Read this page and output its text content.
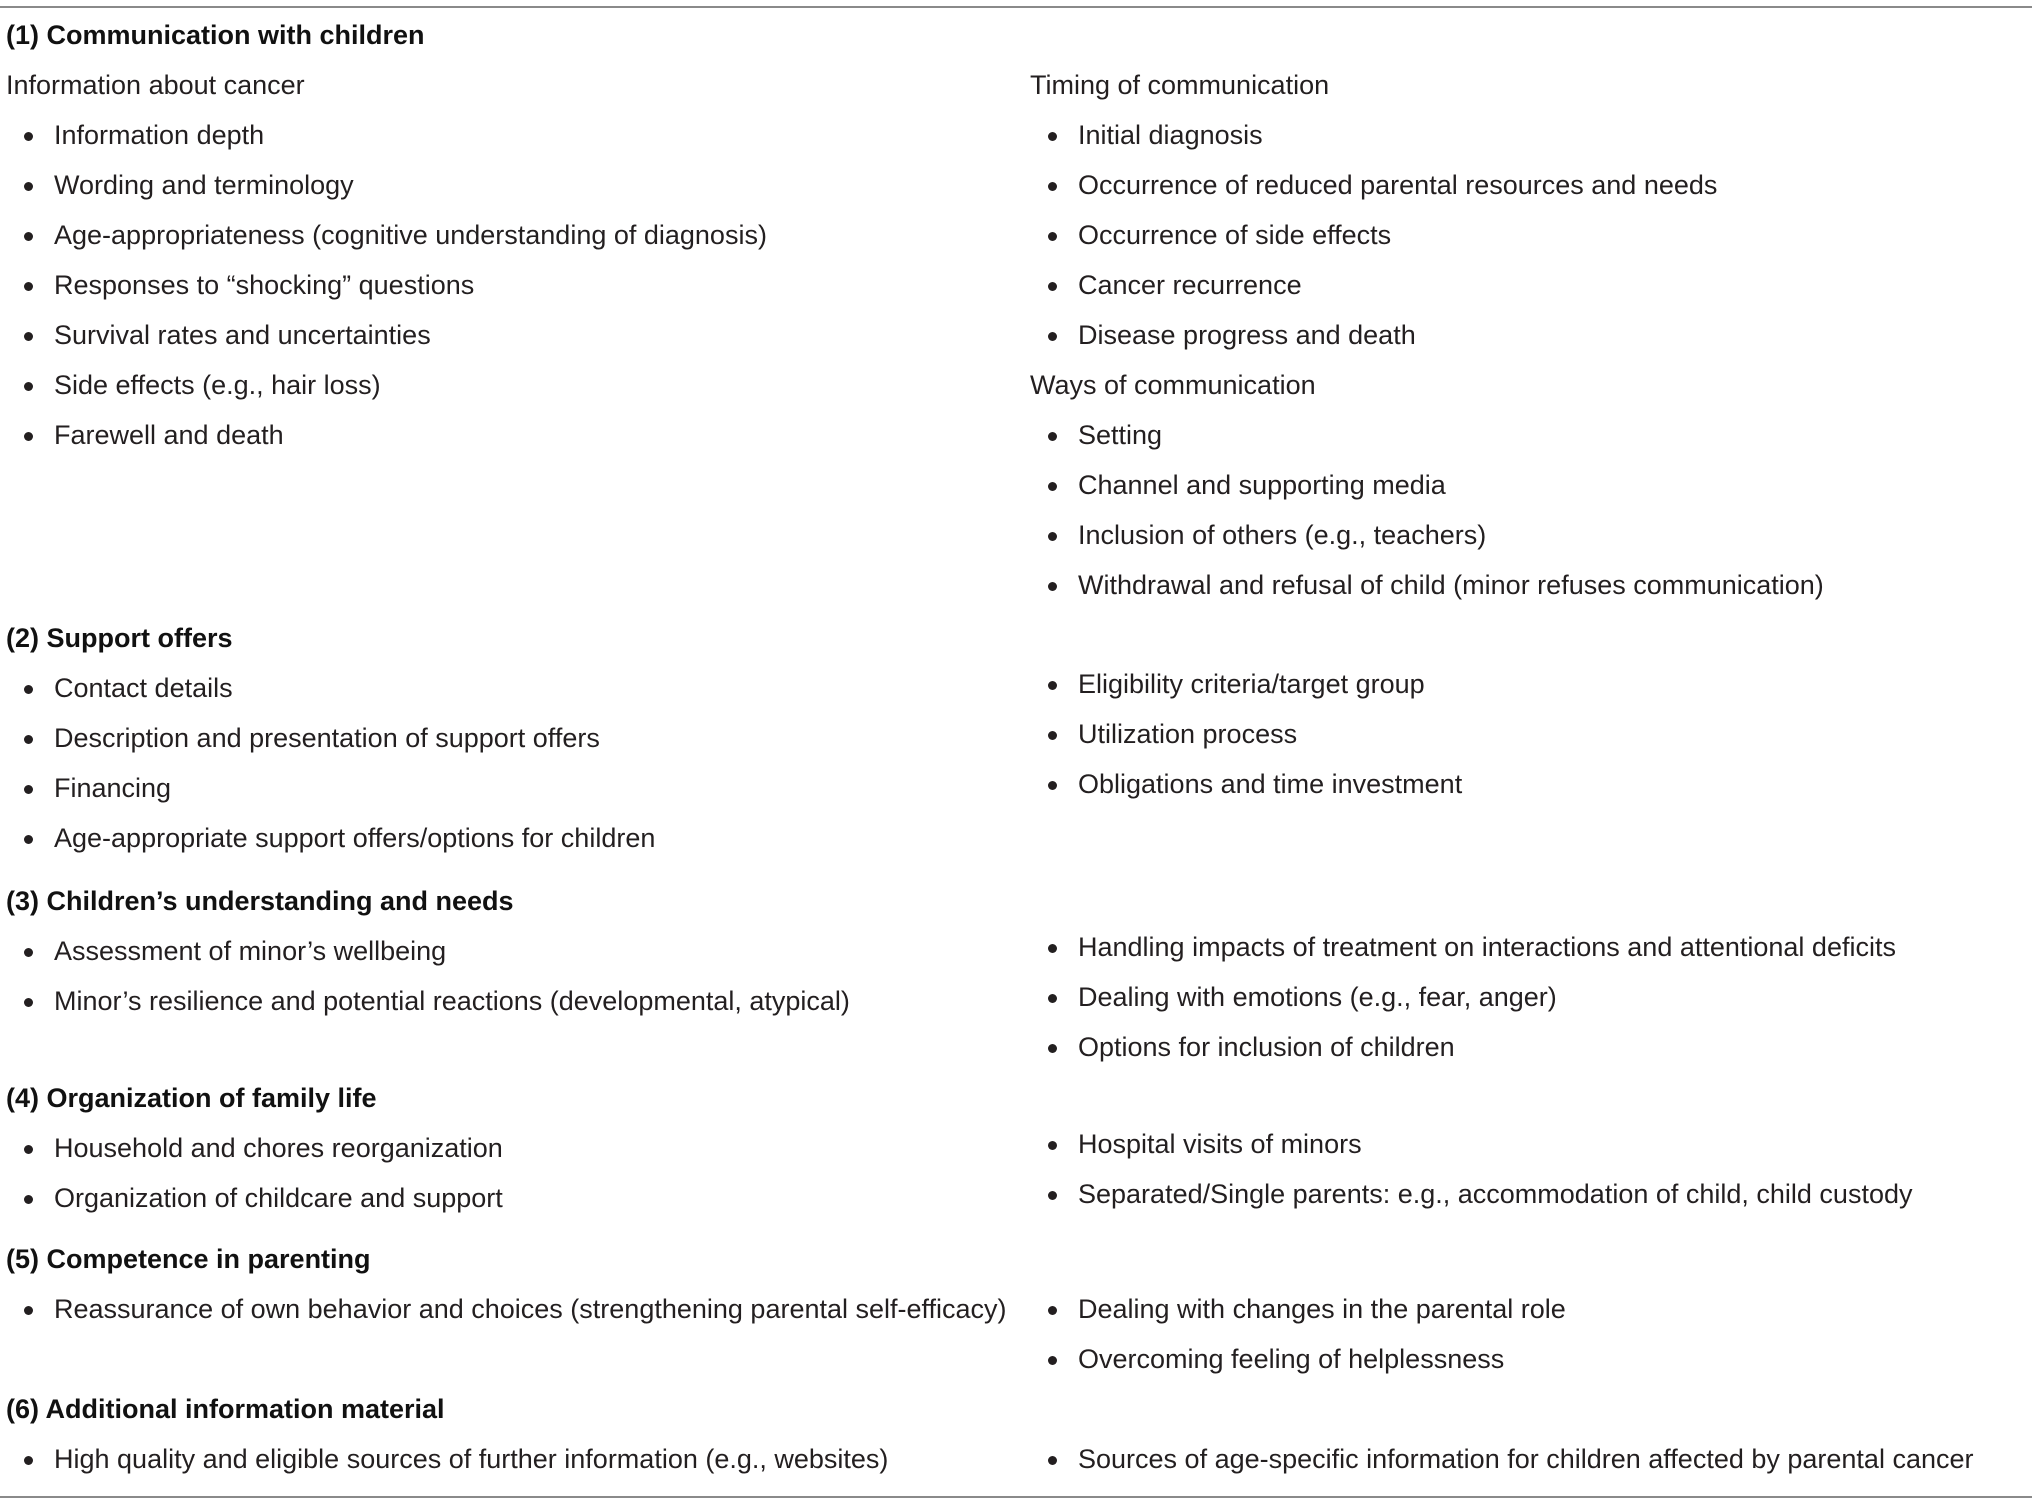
(1) Communication with children
Information about cancer
Information depth
Wording and terminology
Age-appropriateness (cognitive understanding of diagnosis)
Responses to “shocking” questions
Survival rates and uncertainties
Side effects (e.g., hair loss)
Farewell and death
Timing of communication
Initial diagnosis
Occurrence of reduced parental resources and needs
Occurrence of side effects
Cancer recurrence
Disease progress and death
Ways of communication
Setting
Channel and supporting media
Inclusion of others (e.g., teachers)
Withdrawal and refusal of child (minor refuses communication)
(2) Support offers
Contact details
Description and presentation of support offers
Financing
Age-appropriate support offers/options for children
Eligibility criteria/target group
Utilization process
Obligations and time investment
(3) Children’s understanding and needs
Assessment of minor’s wellbeing
Minor’s resilience and potential reactions (developmental, atypical)
Handling impacts of treatment on interactions and attentional deficits
Dealing with emotions (e.g., fear, anger)
Options for inclusion of children
(4) Organization of family life
Household and chores reorganization
Organization of childcare and support
Hospital visits of minors
Separated/Single parents: e.g., accommodation of child, child custody
(5) Competence in parenting
Reassurance of own behavior and choices (strengthening parental self-efficacy)	Dealing with changes in the parental role
Overcoming feeling of helplessness
(6) Additional information material
High quality and eligible sources of further information (e.g., websites)	Sources of age-specific information for children affected by parental cancer
